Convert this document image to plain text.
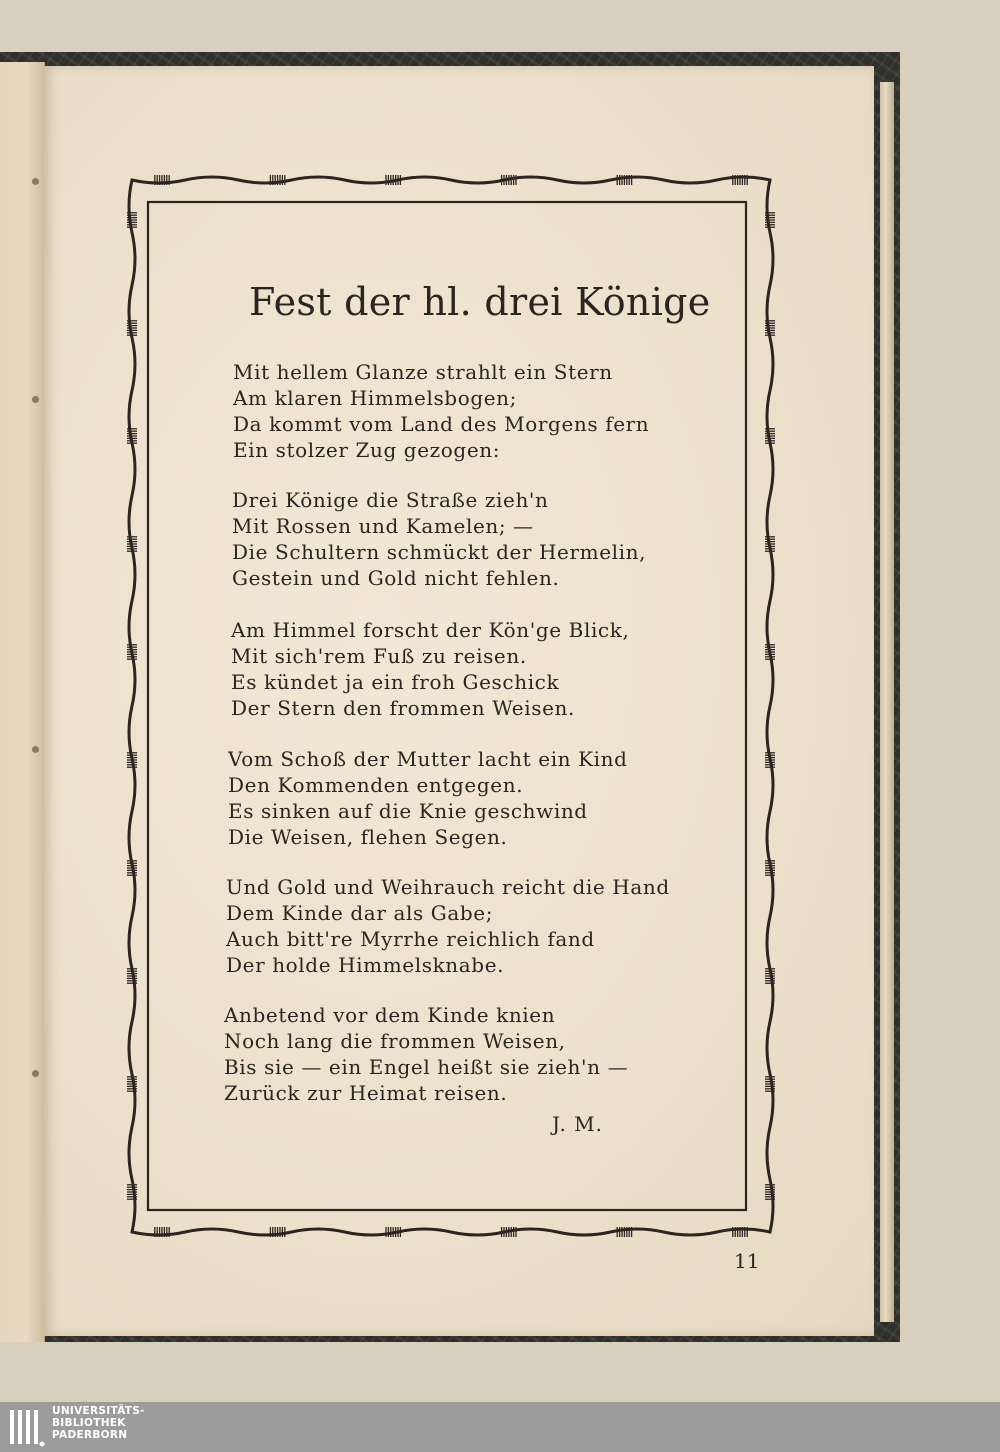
Fest der hl. drei Könige
Mit hellem Glanze strahlt ein Stern
Am klaren Himmelsbogen;
Da kommt vom Land des Morgens fern
Ein stolzer Zug gezogen:
Drei Könige die Straße zieh'n
Mit Rossen und Kamelen; —
Die Schultern schmückt der Hermelin,
Gestein und Gold nicht fehlen.
Am Himmel forscht der Kön'ge Blick,
Mit sich'rem Fuß zu reisen.
Es kündet ja ein froh Geschick
Der Stern den frommen Weisen.
Vom Schoß der Mutter lacht ein Kind
Den Kommenden entgegen.
Es sinken auf die Knie geschwind
Die Weisen, flehen Segen.
Und Gold und Weihrauch reicht die Hand
Dem Kinde dar als Gabe;
Auch bitt're Myrrhe reichlich fand
Der holde Himmelsknabe.
Anbetend vor dem Kinde knien
Noch lang die frommen Weisen,
Bis sie — ein Engel heißt sie zieh'n —
Zurück zur Heimat reisen.
J. M.
11
UNIVERSITÄTS-
BIBLIOTHEK
PADERBORN
